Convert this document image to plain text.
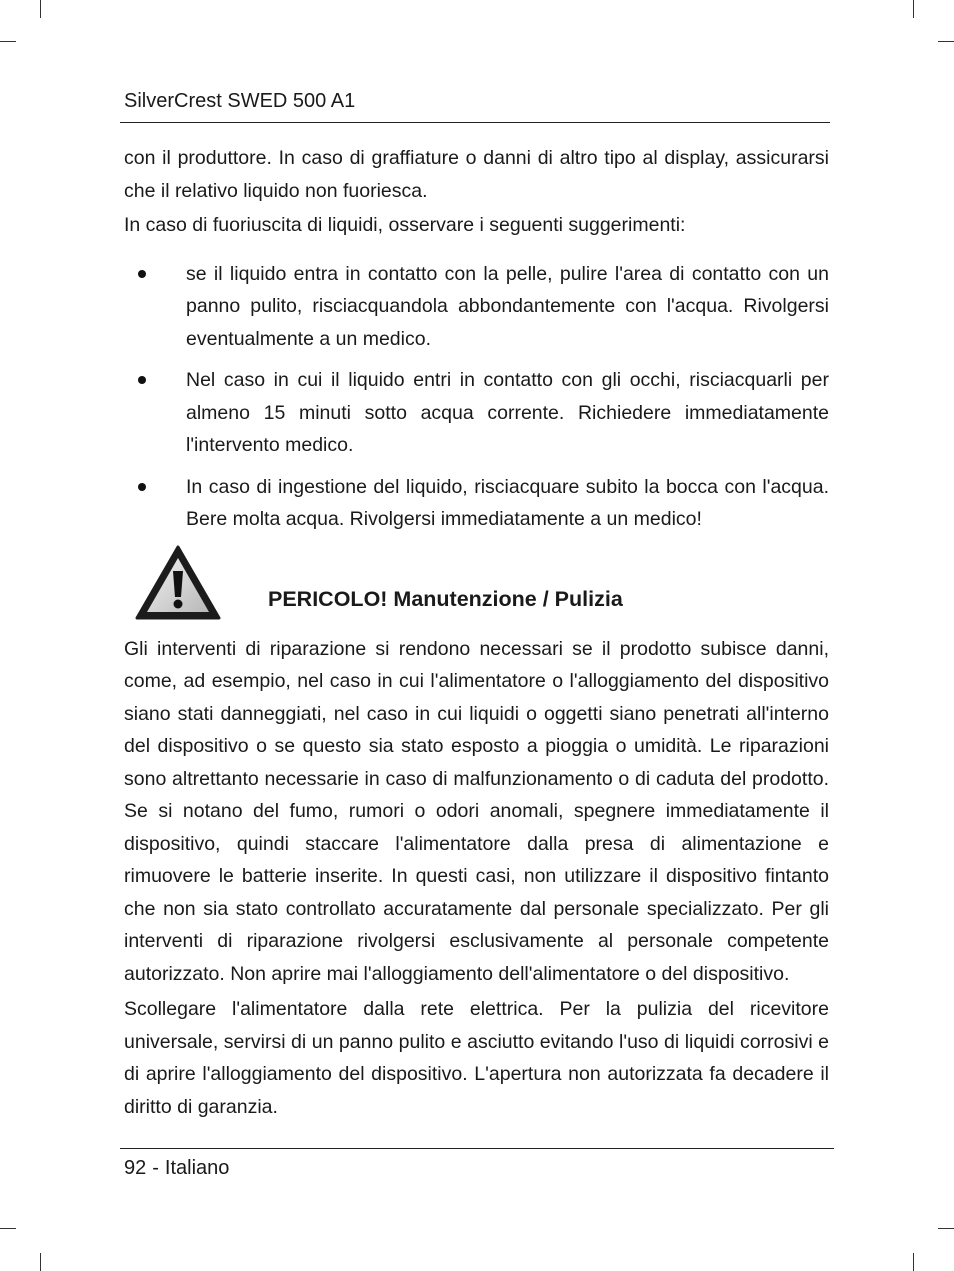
SilverCrest SWED 500 A1

con il produttore. In caso di graffiature o danni di altro tipo al display, assicurarsi che il relativo liquido non fuoriesca.

In caso di fuoriuscita di liquidi, osservare i seguenti suggerimenti:

se il liquido entra in contatto con la pelle, pulire l'area di contatto con un panno pulito, risciacquandola abbondantemente con l'acqua. Rivolgersi eventualmente a un medico.
Nel caso in cui il liquido entri in contatto con gli occhi, risciacquarli per almeno 15 minuti sotto acqua corrente. Richiedere immediatamente l'intervento medico.
In caso di ingestione del liquido, risciacquare subito la bocca con l'acqua. Bere molta acqua. Rivolgersi immediatamente a un medico!
PERICOLO! Manutenzione / Pulizia

Gli interventi di riparazione si rendono necessari se il prodotto subisce danni, come, ad esempio, nel caso in cui l'alimentatore o l'alloggiamento del dispositivo siano stati danneggiati, nel caso in cui liquidi o oggetti siano penetrati all'interno del dispositivo o se questo sia stato esposto a pioggia o umidità. Le riparazioni sono altrettanto necessarie in caso di malfunzionamento o di caduta del prodotto. Se si notano del fumo, rumori o odori anomali, spegnere immediatamente il dispositivo, quindi staccare l'alimentatore dalla presa di alimentazione e rimuovere le batterie inserite. In questi casi, non utilizzare il dispositivo fintanto che non sia stato controllato accuratamente dal personale specializzato. Per gli interventi di riparazione rivolgersi esclusivamente al personale competente autorizzato. Non aprire mai l'alloggiamento dell'alimentatore o del dispositivo.

Scollegare l'alimentatore dalla rete elettrica. Per la pulizia del ricevitore universale, servirsi di un panno pulito e asciutto evitando l'uso di liquidi corrosivi e di aprire l'alloggiamento del dispositivo. L'apertura non autorizzata fa decadere il diritto di garanzia.

92 - Italiano
